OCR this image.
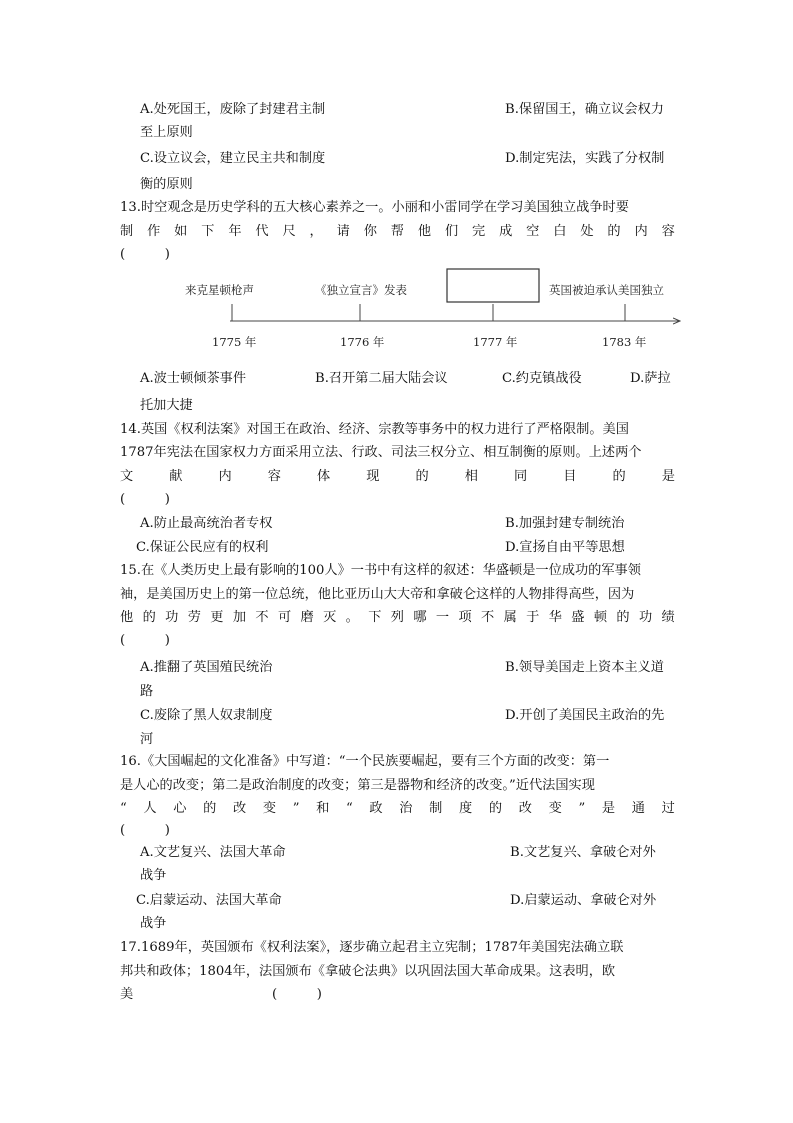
A.处死国王，废除了封建君主制	B.保留国王，确立议会权力
至上原则
C.设立议会，建立民主共和制度	D.制定宪法，实践了分权制
衡的原则
13.时空观念是历史学科的五大核心素养之一。小丽和小雷同学在学习美国独立战争时要
制 作 如 下 年 代 尺 ， 请 你 帮 他 们 完 成 空 白 处 的 内 容
(　　　)
来克星顿枪声	《独立宣言》发表	英国被迫承认美国独立
1775 年	1776 年	1777 年	1783 年
A.波士顿倾茶事件	B.召开第二届大陆会议	C.约克镇战役	D.萨拉
托加大捷
14.英国《权利法案》对国王在政治、经济、宗教等事务中的权力进行了严格限制。美国
1787年宪法在国家权力方面采用立法、行政、司法三权分立、相互制衡的原则。上述两个
文	献	内	容	体	现	的	相	同	目	的	是
(　　　)
A.防止最高统治者专权	B.加强封建专制统治
C.保证公民应有的权利	D.宣扬自由平等思想
15.在《人类历史上最有影响的100人》一书中有这样的叙述：华盛顿是一位成功的军事领
袖，是美国历史上的第一位总统，他比亚历山大大帝和拿破仑这样的人物排得高些，因为
他 的 功 劳 更 加 不 可 磨 灭 。 下 列 哪 一 项 不 属 于 华 盛 顿 的 功 绩
(　　　)
A.推翻了英国殖民统治	B.领导美国走上资本主义道
路
C.废除了黑人奴隶制度	D.开创了美国民主政治的先
河
16.《大国崛起的文化准备》中写道：“一个民族要崛起，要有三个方面的改变：第一
是人心的改变；第二是政治制度的改变；第三是器物和经济的改变。”近代法国实现
“ 人 心 的 改 变 ” 和 “ 政 治 制 度 的 改 变 ” 是 通 过
(　　　)
A.文艺复兴、法国大革命	B.文艺复兴、拿破仑对外
战争
C.启蒙运动、法国大革命	D.启蒙运动、拿破仑对外
战争
17.1689年，英国颁布《权利法案》，逐步确立起君主立宪制；1787年美国宪法确立联
邦共和政体；1804年，法国颁布《拿破仑法典》以巩固法国大革命成果。这表明，欧
美	(　　　)
